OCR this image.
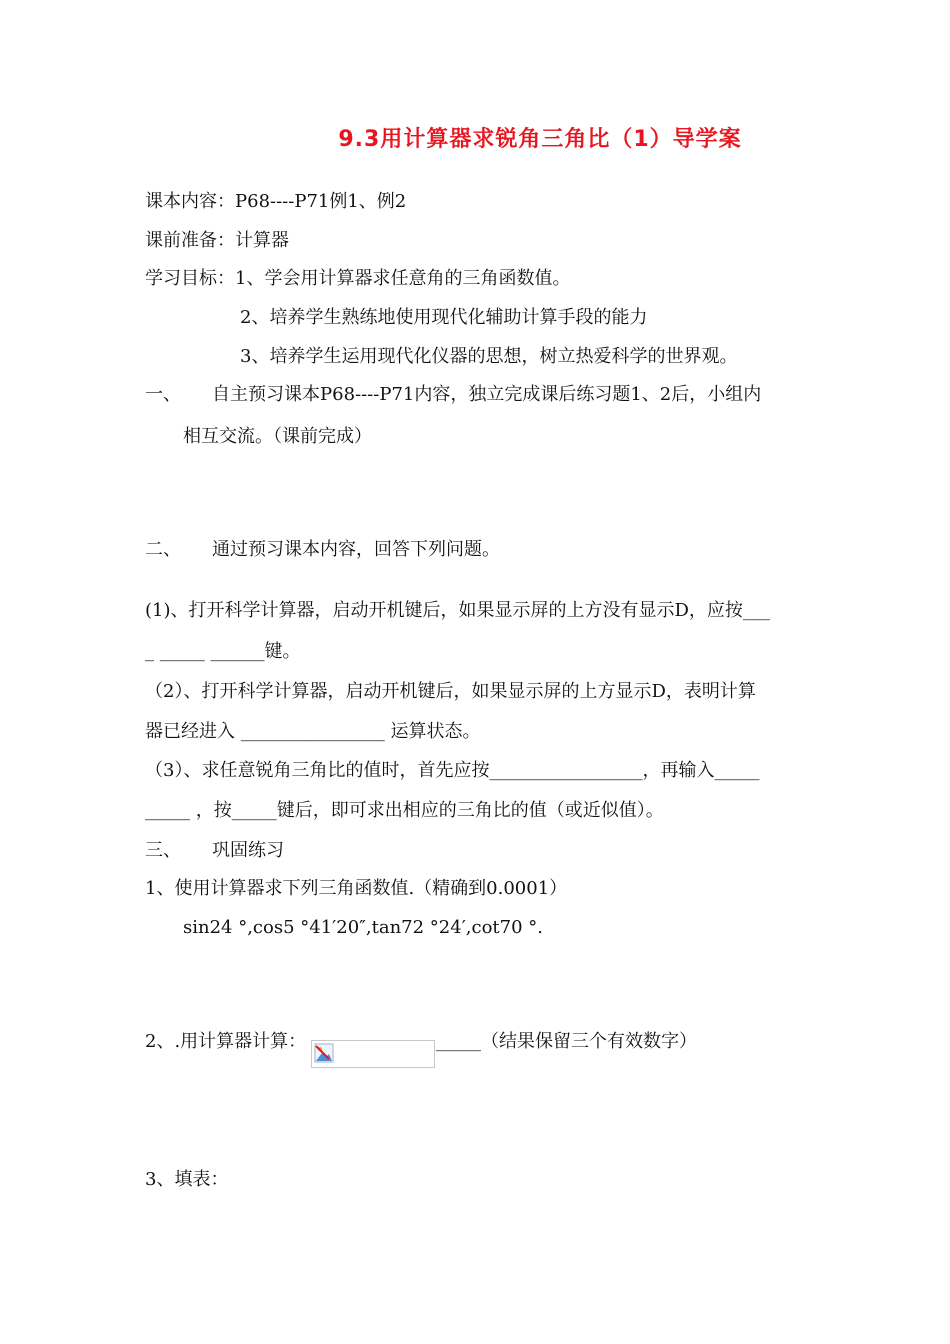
9.3用计算器求锐角三角比（1）导学案
课本内容：P68----P71例1、例2
课前准备：计算器
学习目标：1、学会用计算器求任意角的三角函数值。
2、培养学生熟练地使用现代化辅助计算手段的能力
3、培养学生运用现代化仪器的思想，树立热爱科学的世界观。
一、 自主预习课本P68----P71内容，独立完成课后练习题1、2后，小组内
相互交流。（课前完成）
二、 通过预习课本内容，回答下列问题。
(1)、打开科学计算器，启动开机键后，如果显示屏的上方没有显示D，应按___
_ _____ ______键。
（2）、打开科学计算器，启动开机键后，如果显示屏的上方显示D，表明计算
器已经进入 ________________ 运算状态。
（3）、求任意锐角三角比的值时，首先应按_________________，再输入_____
_____ ，按_____键后，即可求出相应的三角比的值（或近似值）。
三、 巩固练习
1、使用计算器求下列三角函数值.（精确到0.0001）
sin24 °,cos5 °41′20″,tan72 °24′,cot70 °.
2、.用计算器计算：	_____（结果保留三个有效数字）
3、填表：
